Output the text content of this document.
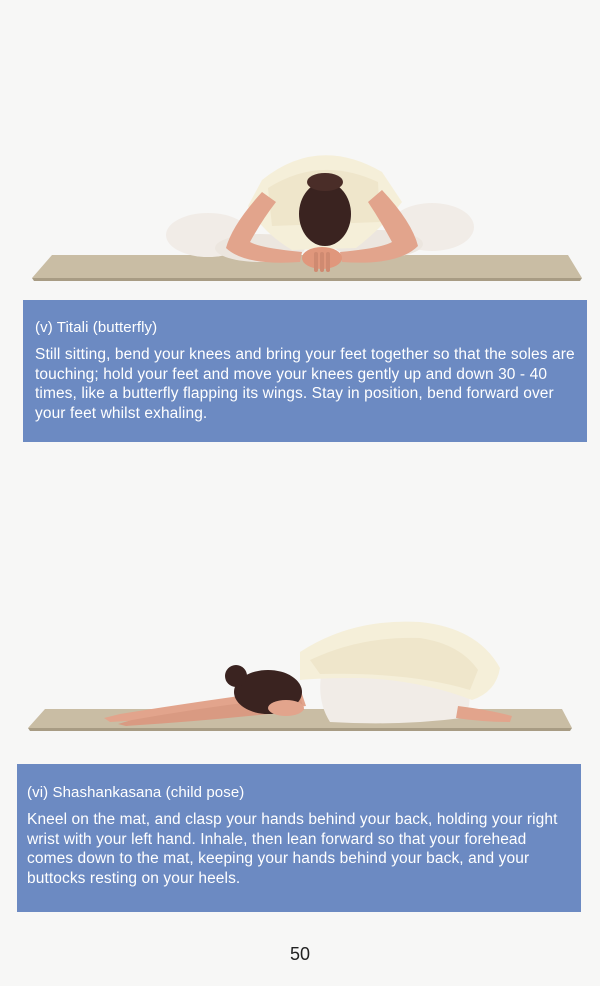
(v) Titali (butterfly)

Still sitting, bend your knees and bring your feet together so that the soles are touching; hold your feet and move your knees gently up and down 30 - 40 times, like a butterfly flapping its wings. Stay in position, bend forward over your feet whilst exhaling.

(vi) Shashankasana (child pose)

Kneel on the mat, and clasp your hands behind your back, holding your right wrist with your left hand. Inhale, then lean forward so that your forehead comes down to the mat, keeping your hands behind your back, and your buttocks resting on your heels.

50
